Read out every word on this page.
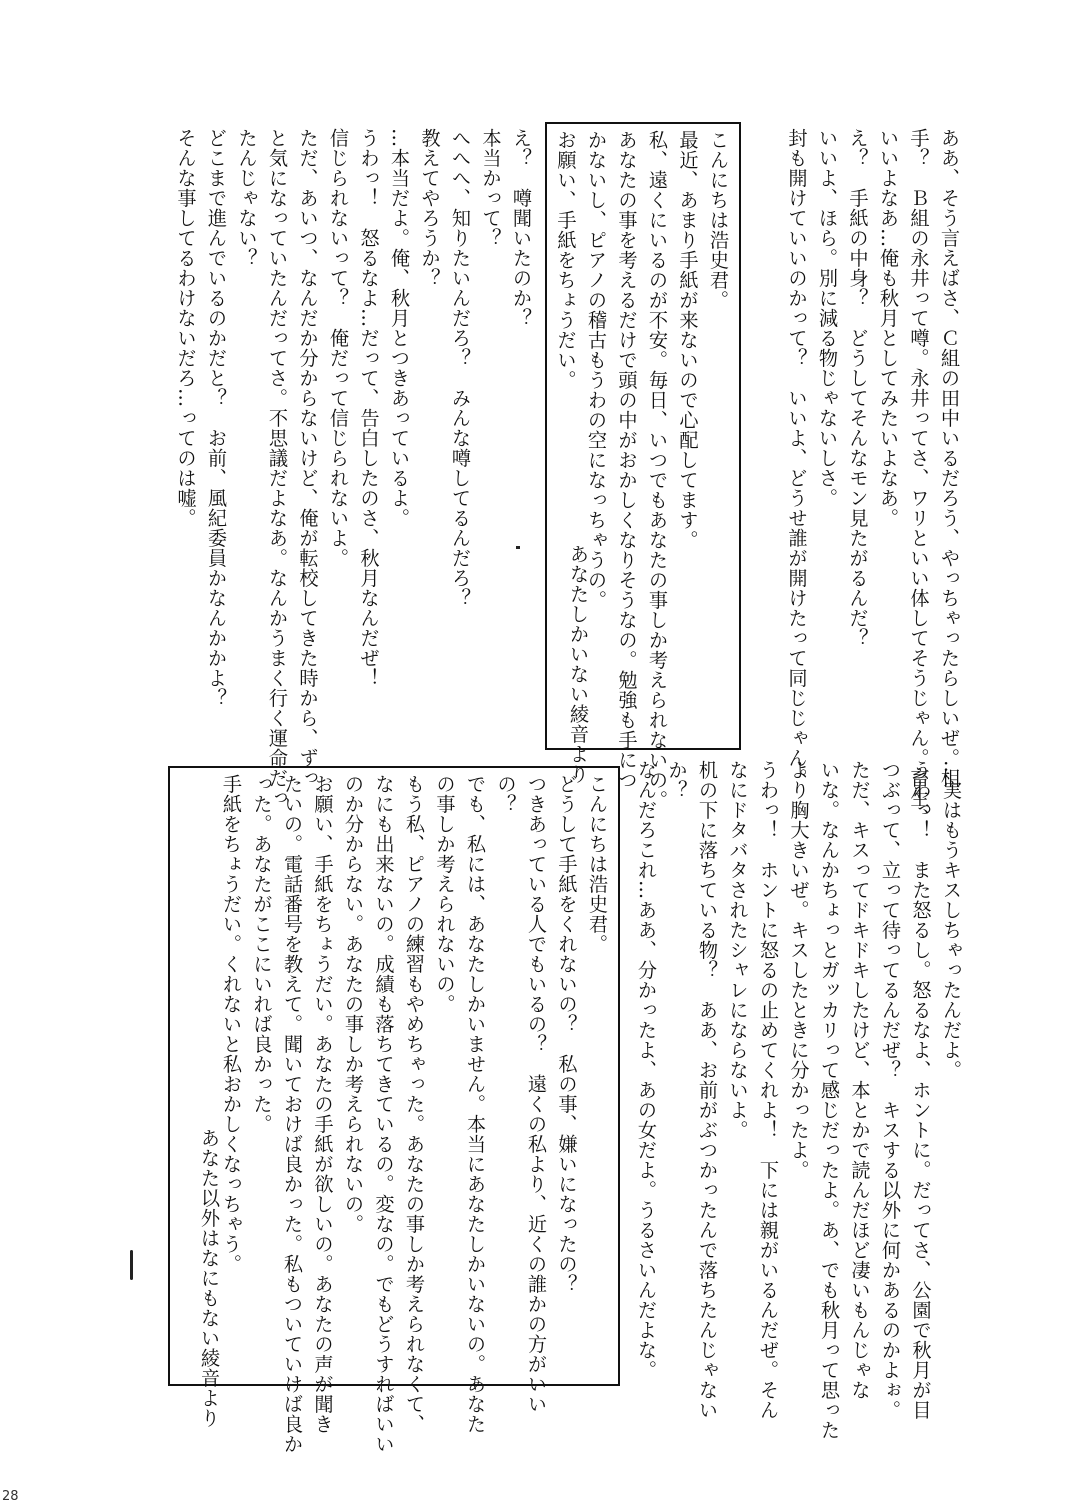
ああ、そう言えばさ、Ｃ組の田中いるだろう、やっちゃったらしいぜ。相

手？　Ｂ組の永井って噂。永井ってさ、ワリといい体してそうじゃん。畜生、

いいよなあ…俺も秋月としてみたいよなあ。

え？　手紙の中身？　どうしてそんなモン見たがるんだ？

いいよ、ほら。別に減る物じゃないしさ。

封も開けていいのかって？　いいよ、どうせ誰が開けたって同じじゃん。

こんにちは浩史君。

最近、あまり手紙が来ないので心配してます。

私、遠くにいるのが不安。毎日、いつでもあなたの事しか考えられないの。

あなたの事を考えるだけで頭の中がおかしくなりそうなの。勉強も手につ

かないし、ピアノの稽古もうわの空になっちゃうの。

お願い、手紙をちょうだい。

あなたしかいない綾音より

え？　噂聞いたのか？

本当かって？

へへへ、知りたいんだろ？　みんな噂してるんだろ？

教えてやろうか？

…本当だよ。俺、秋月とつきあっているよ。

うわっ！　怒るなよ…だって、告白したのさ、秋月なんだぜ！

信じられないって？　俺だって信じられないよ。

ただ、あいつ、なんだか分からないけど、俺が転校してきた時から、ずっ

と気になっていたんだってさ。不思議だよなあ。なんかうまく行く運命だっ

たんじゃない？

どこまで進んでいるのかだと？　お前、風紀委員かなんかかよ？

そんな事してるわけないだろ…ってのは嘘。

…実はもうキスしちゃったんだよ。

うわっ！　また怒るし。怒るなよ、ホントに。だってさ、公園で秋月が目

つぶって、立って待ってるんだぜ？　キスする以外に何かあるのかよぉ。

ただ、キスってドキドキしたけど、本とかで読んだほど凄いもんじゃな

いな。なんかちょっとガッカリって感じだったよ。あ、でも秋月って思った

より胸大きいぜ。キスしたときに分かったよ。

うわっ！　ホントに怒るの止めてくれよ！　下には親がいるんだぜ。そん

なにドタバタされたシャレにならないよ。

机の下に落ちている物？　ああ、お前がぶつかったんで落ちたんじゃない

か？

なんだろこれ…ああ、分かったよ、あの女だよ。うるさいんだよな。

こんにちは浩史君。

どうして手紙をくれないの？　私の事、嫌いになったの？

つきあっている人でもいるの？　遠くの私より、近くの誰かの方がいい

の？

でも、私には、あなたしかいません。本当にあなたしかいないの。あなた

の事しか考えられないの。

もう私、ピアノの練習もやめちゃった。あなたの事しか考えられなくて、

なにも出来ないの。成績も落ちてきているの。変なの。でもどうすればいい

のか分からない。あなたの事しか考えられないの。

お願い、手紙をちょうだい。あなたの手紙が欲しいの。あなたの声が聞き

たいの。電話番号を教えて。聞いておけば良かった。私もついていけば良か

った。あなたがここにいれば良かった。

手紙をちょうだい。くれないと私おかしくなっちゃう。

あなた以外はなにもない綾音より
28
